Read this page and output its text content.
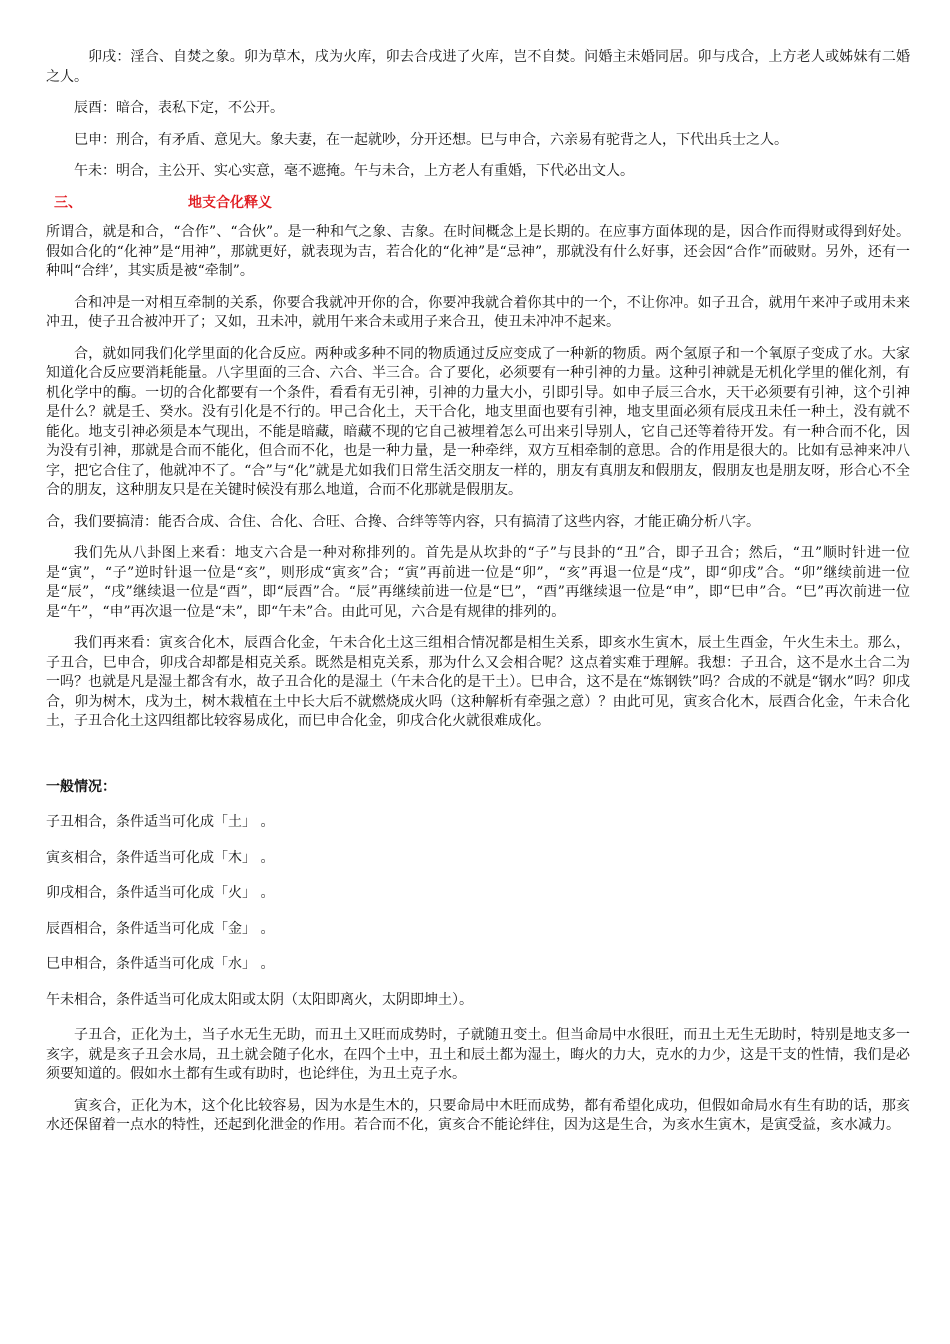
卯戌：淫合、自焚之象。卯为草木，戌为火库，卯去合戌进了火库，岂不自焚。问婚主未婚同居。卯与戌合，上方老人或姊妹有二婚之人。

辰酉：暗合，表私下定，不公开。

巳申：刑合，有矛盾、意见大。象夫妻，在一起就吵，分开还想。巳与申合，六亲易有驼背之人，下代出兵士之人。

午未：明合，主公开、实心实意，毫不遮掩。午与未合，上方老人有重婚，下代必出文人。

三、	地支合化释义

所谓合，就是和合，“合作”、“合伙”。是一种和气之象、吉象。在时间概念上是长期的。在应事方面体现的是，因合作而得财或得到好处。假如合化的“化神”是“用神”，那就更好，就表现为吉，若合化的“化神”是“忌神”，那就没有什么好事，还会因“合作”而破财。另外，还有一种叫“合绊’，其实质是被“牵制”。

合和冲是一对相互牵制的关系，你要合我就冲开你的合，你要冲我就合着你其中的一个，不让你冲。如子丑合，就用午来冲子或用未来冲丑，使子丑合被冲开了；又如，丑未冲，就用午来合未或用子来合丑，使丑未冲冲不起来。

合，就如同我们化学里面的化合反应。两种或多种不同的物质通过反应变成了一种新的物质。两个氢原子和一个氧原子变成了水。大家知道化合反应要消耗能量。八字里面的三合、六合、半三合。合了要化，必须要有一种引神的力量。这种引神就是无机化学里的催化剂，有机化学中的酶。一切的合化都要有一个条件，看看有无引神，引神的力量大小，引即引导。如申子辰三合水，天干必须要有引神，这个引神是什么？就是壬、癸水。没有引化是不行的。甲己合化土，天干合化，地支里面也要有引神，地支里面必须有辰戌丑未任一种土，没有就不能化。地支引神必须是本气现出，不能是暗藏，暗藏不现的它自己被埋着怎么可出来引导别人，它自己还等着待开发。有一种合而不化，因为没有引神，那就是合而不能化，但合而不化，也是一种力量，是一种牵绊，双方互相牵制的意思。合的作用是很大的。比如有忌神来冲八字，把它合住了，他就冲不了。“合”与“化”就是尤如我们日常生活交朋友一样的，朋友有真朋友和假朋友，假朋友也是朋友呀，形合心不全合的朋友，这种朋友只是在关键时候没有那么地道，合而不化那就是假朋友。

合，我们要搞清：能否合成、合住、合化、合旺、合搀、合绊等等内容，只有搞清了这些内容，才能正确分析八字。

我们先从八卦图上来看：地支六合是一种对称排列的。首先是从坎卦的“子”与艮卦的“丑”合，即子丑合；然后，“丑”顺时针进一位是“寅”，“子”逆时针退一位是“亥”，则形成“寅亥”合；“寅”再前进一位是“卯”，“亥”再退一位是“戌”，即“卯戌”合。“卯”继续前进一位是“辰”，“戌”继续退一位是“酉”，即“辰酉”合。“辰”再继续前进一位是“巳”，“酉”再继续退一位是“申”，即“巳申”合。“巳”再次前进一位是“午”，“申”再次退一位是“未”，即“午未”合。由此可见，六合是有规律的排列的。

我们再来看：寅亥合化木，辰酉合化金，午未合化土这三组相合情况都是相生关系，即亥水生寅木，辰土生酉金，午火生未土。那么，子丑合，巳申合，卯戌合却都是相克关系。既然是相克关系，那为什么又会相合呢？这点着实难于理解。我想：子丑合，这不是水土合二为一吗？也就是凡是湿土都含有水，故子丑合化的是湿土（午未合化的是干土）。巳申合，这不是在“炼钢铁”吗？合成的不就是“钢水”吗？卯戌合，卯为树木，戌为土，树木栽植在土中长大后不就燃烧成火吗（这种解析有牵强之意）？由此可见，寅亥合化木，辰酉合化金，午未合化土，子丑合化土这四组都比较容易成化，而巳申合化金，卯戌合化火就很难成化。

一般情况：

子丑相合，条件适当可化成「土」 。

寅亥相合，条件适当可化成「木」 。

卯戌相合，条件适当可化成「火」 。

辰酉相合，条件适当可化成「金」 。

巳申相合，条件适当可化成「水」 。

午未相合，条件适当可化成太阳或太阴（太阳即离火，太阴即坤土）。

子丑合，正化为土，当子水无生无助，而丑土又旺而成势时，子就随丑变土。但当命局中水很旺，而丑土无生无助时，特别是地支多一亥字，就是亥子丑会水局，丑土就会随子化水，在四个土中，丑土和辰土都为湿土，晦火的力大，克水的力少，这是干支的性情，我们是必须要知道的。假如水土都有生或有助时，也论绊住，为丑土克子水。

寅亥合，正化为木，这个化比较容易，因为水是生木的，只要命局中木旺而成势，都有希望化成功，但假如命局水有生有助的话，那亥水还保留着一点水的特性，还起到化泄金的作用。若合而不化，寅亥合不能论绊住，因为这是生合，为亥水生寅木，是寅受益，亥水减力。
